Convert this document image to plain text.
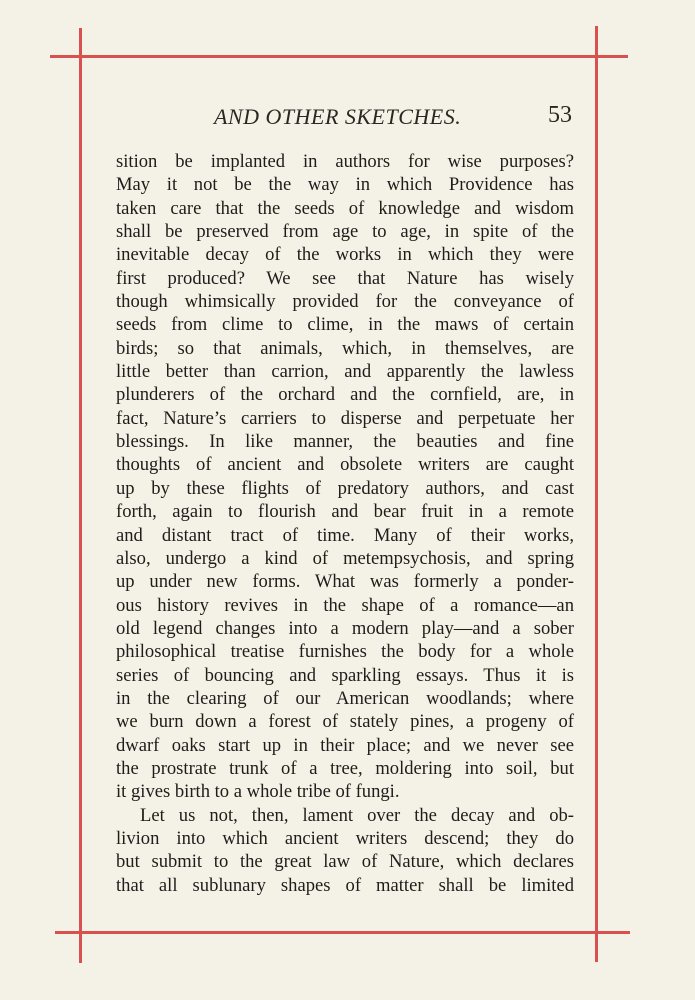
AND OTHER SKETCHES.	53
sition be implanted in authors for wise purposes?
May it not be the way in which Providence has
taken care that the seeds of knowledge and wisdom
shall be preserved from age to age, in spite of the
inevitable decay of the works in which they were
first produced? We see that Nature has wisely
though whimsically provided for the conveyance of
seeds from clime to clime, in the maws of certain
birds; so that animals, which, in themselves, are
little better than carrion, and apparently the lawless
plunderers of the orchard and the cornfield, are, in
fact, Nature’s carriers to disperse and perpetuate her
blessings. In like manner, the beauties and fine
thoughts of ancient and obsolete writers are caught
up by these flights of predatory authors, and cast
forth, again to flourish and bear fruit in a remote
and distant tract of time. Many of their works,
also, undergo a kind of metempsychosis, and spring
up under new forms. What was formerly a ponder-
ous history revives in the shape of a romance—an
old legend changes into a modern play—and a sober
philosophical treatise furnishes the body for a whole
series of bouncing and sparkling essays. Thus it is
in the clearing of our American woodlands; where
we burn down a forest of stately pines, a progeny of
dwarf oaks start up in their place; and we never see
the prostrate trunk of a tree, moldering into soil, but
it gives birth to a whole tribe of fungi.
Let us not, then, lament over the decay and ob-
livion into which ancient writers descend; they do
but submit to the great law of Nature, which declares
that all sublunary shapes of matter shall be limited
